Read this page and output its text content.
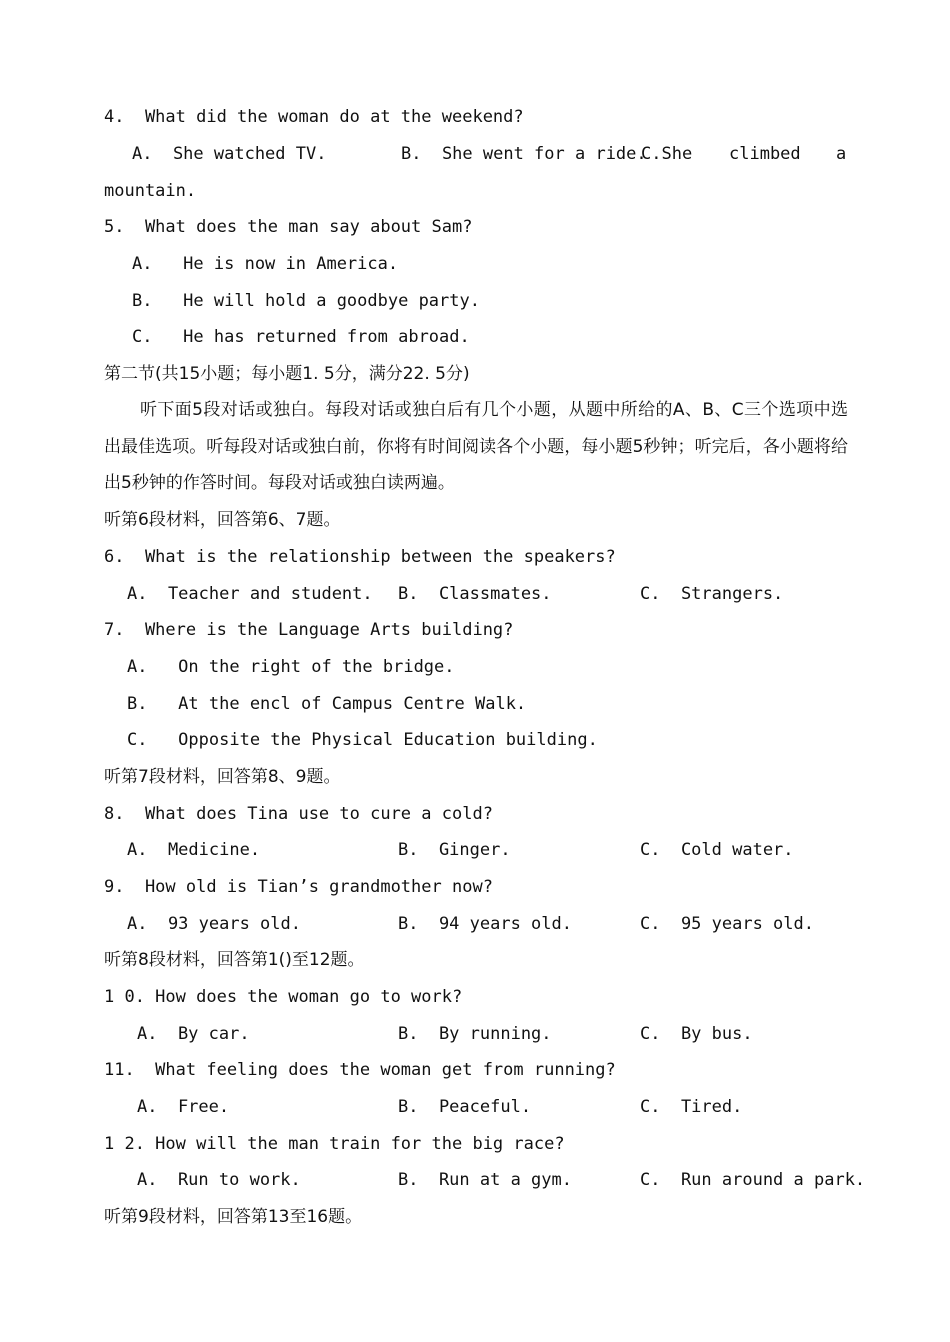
4.  What did the woman do at the weekend?
A.  She watched TV.	B.  She went for a ride.
C.She climbed a
mountain.
5.  What does the man say about Sam?
A.   He is now in America.
B.   He will hold a goodbye party.
C.   He has returned from abroad.
第二节(共15小题；每小题1. 5分，满分22. 5分)
听下面5段对话或独白。每段对话或独白后有几个小题，从题中所给的A、B、C三个选项中选出最佳选项。听每段对话或独白前，你将有时间阅读各个小题，每小题5秒钟；听完后，各小题将给出5秒钟的作答时间。每段对话或独白读两遍。
听第6段材料，回答第6、7题。
6.  What is the relationship between the speakers?
A.  Teacher and student. B.  Classmates.	C.  Strangers.
7.  Where is the Language Arts building?
A.   On the right of the bridge.
B.   At the encl of Campus Centre Walk.
C.   Opposite the Physical Education building.
听第7段材料，回答第8、9题。
8.  What does Tina use to cure a cold?
A.  Medicine.	B.  Ginger.	C.  Cold water.
9.  How old is Tian’s grandmother now?
A.  93 years old.	B.  94 years old.	C.  95 years old.
听第8段材料，回答第1()至12题。
1 0. How does the woman go to work?
A.  By car.	B.  By running.	C.  By bus.
11.  What feeling does the woman get from running?
A.  Free.	B.  Peaceful.	C.  Tired.
1 2. How will the man train for the big race?
A.  Run to work.	B.  Run at a gym.	C.  Run around a park.
听第9段材料，回答第13至16题。
